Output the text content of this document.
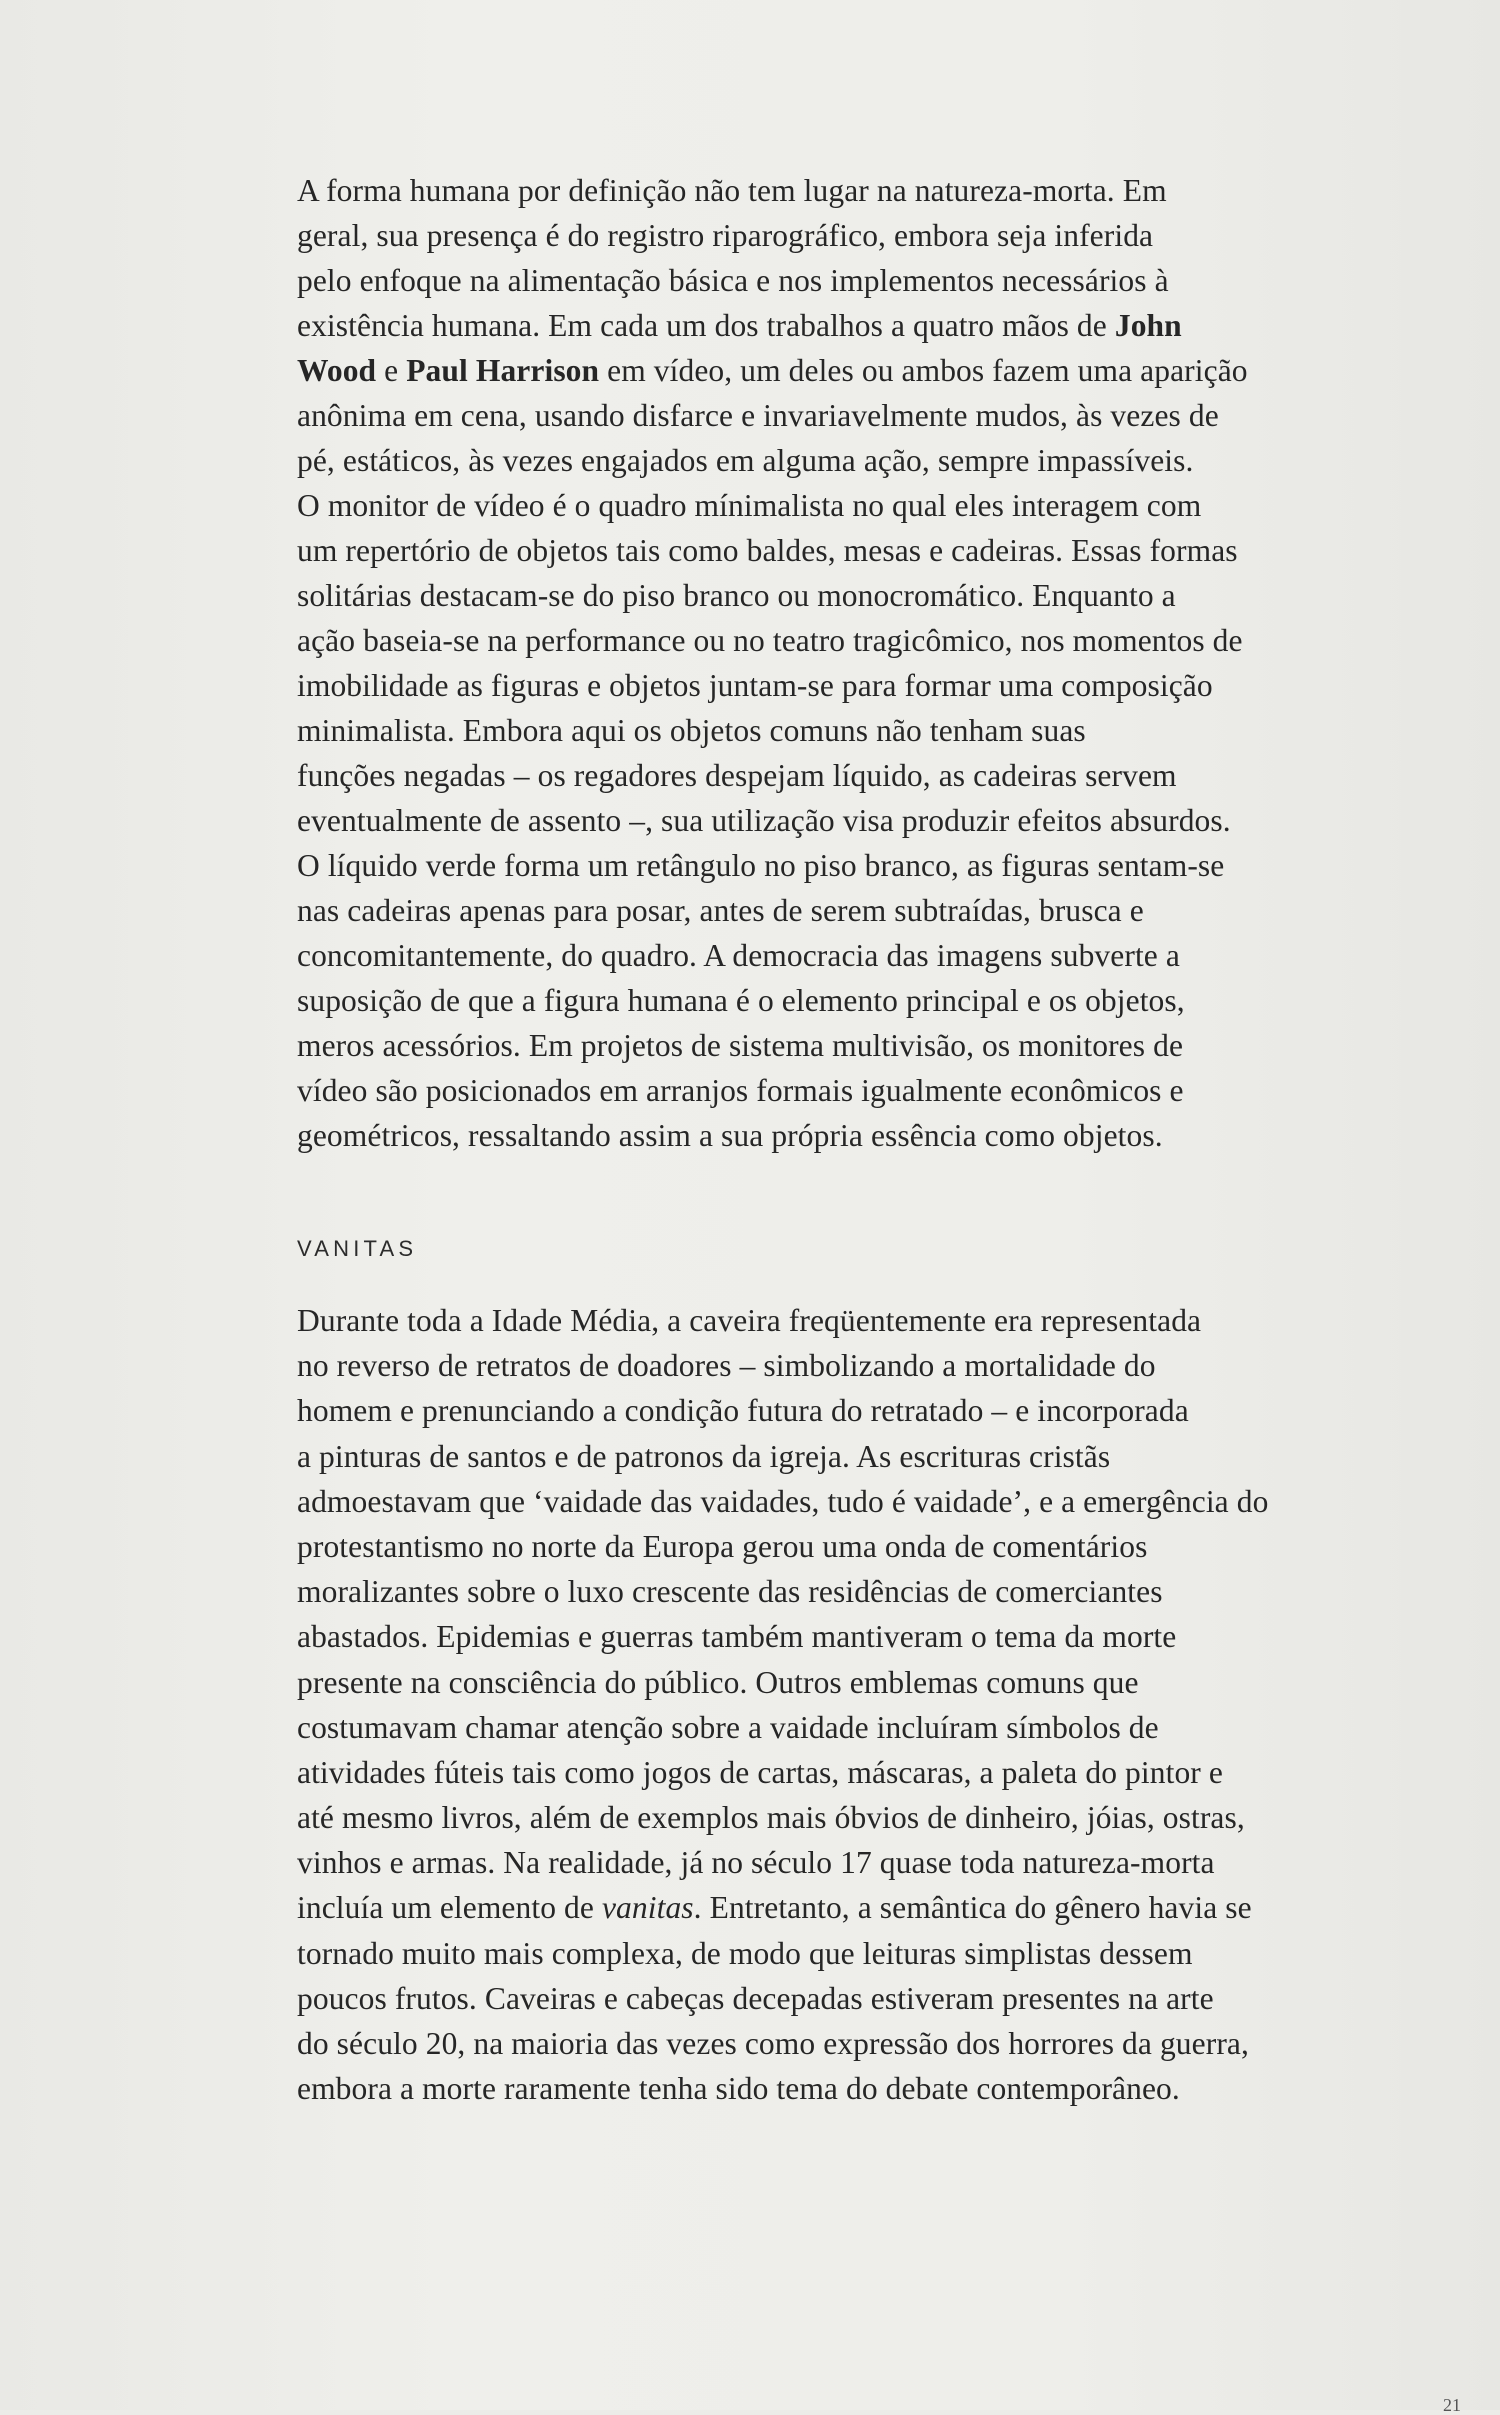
A forma humana por definição não tem lugar na natureza-morta. Em
geral, sua presença é do registro riparográfico, embora seja inferida
pelo enfoque na alimentação básica e nos implementos necessários à
existência humana. Em cada um dos trabalhos a quatro mãos de John
Wood e Paul Harrison em vídeo, um deles ou ambos fazem uma aparição
anônima em cena, usando disfarce e invariavelmente mudos, às vezes de
pé, estáticos, às vezes engajados em alguma ação, sempre impassíveis.
O monitor de vídeo é o quadro mínimalista no qual eles interagem com
um repertório de objetos tais como baldes, mesas e cadeiras. Essas formas
solitárias destacam-se do piso branco ou monocromático. Enquanto a
ação baseia-se na performance ou no teatro tragicômico, nos momentos de
imobilidade as figuras e objetos juntam-se para formar uma composição
minimalista. Embora aqui os objetos comuns não tenham suas
funções negadas – os regadores despejam líquido, as cadeiras servem
eventualmente de assento –, sua utilização visa produzir efeitos absurdos.
O líquido verde forma um retângulo no piso branco, as figuras sentam-se
nas cadeiras apenas para posar, antes de serem subtraídas, brusca e
concomitantemente, do quadro. A democracia das imagens subverte a
suposição de que a figura humana é o elemento principal e os objetos,
meros acessórios. Em projetos de sistema multivisão, os monitores de
vídeo são posicionados em arranjos formais igualmente econômicos e
geométricos, ressaltando assim a sua própria essência como objetos.
VANITAS
Durante toda a Idade Média, a caveira freqüentemente era representada
no reverso de retratos de doadores – simbolizando a mortalidade do
homem e prenunciando a condição futura do retratado – e incorporada
a pinturas de santos e de patronos da igreja. As escrituras cristãs
admoestavam que ‘vaidade das vaidades, tudo é vaidade’, e a emergência do
protestantismo no norte da Europa gerou uma onda de comentários
moralizantes sobre o luxo crescente das residências de comerciantes
abastados. Epidemias e guerras também mantiveram o tema da morte
presente na consciência do público. Outros emblemas comuns que
costumavam chamar atenção sobre a vaidade incluíram símbolos de
atividades fúteis tais como jogos de cartas, máscaras, a paleta do pintor e
até mesmo livros, além de exemplos mais óbvios de dinheiro, jóias, ostras,
vinhos e armas. Na realidade, já no século 17 quase toda natureza-morta
incluía um elemento de vanitas. Entretanto, a semântica do gênero havia se
tornado muito mais complexa, de modo que leituras simplistas dessem
poucos frutos. Caveiras e cabeças decepadas estiveram presentes na arte
do século 20, na maioria das vezes como expressão dos horrores da guerra,
embora a morte raramente tenha sido tema do debate contemporâneo.
21
